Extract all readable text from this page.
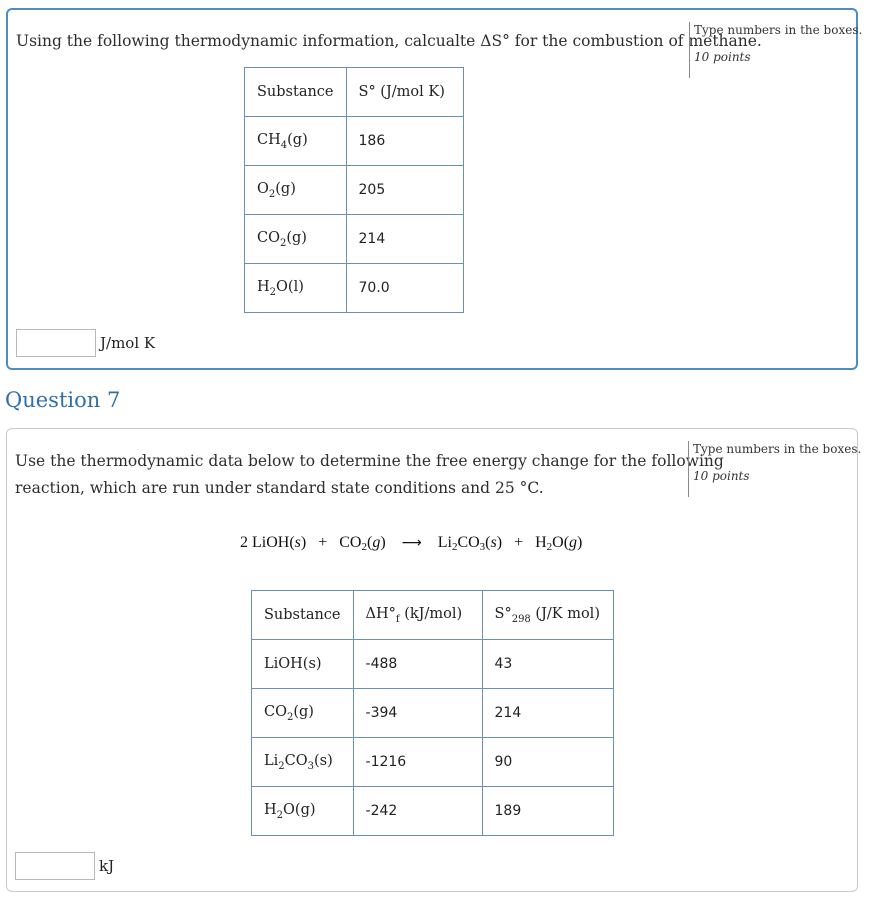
Using the following thermodynamic information, calcualte ΔS° for the combustion of methane.
Type numbers in the boxes.
10 points
Substance	S° (J/mol K)
$CH_4(g)$	186
$O_2(g)$	205
$CO_2(g)$	214
$H_2O(l)$	70.0
J/mol K
Question 7
Use the thermodynamic data below to determine the free energy change for the following
reaction, which are run under standard state conditions and 25 °C.
Type numbers in the boxes.
10 points
Substance	$\Delta H^\circ_f$ (kJ/mol)	$S^\circ_{298}$ (J/K mol)
LiOH(s)	-488	43
$CO_2(g)$	-394	214
$Li_2CO_3(s)$	-1216	90
$H_2O(g)$	-242	189
kJ
2 LiOH(s) + $CO_2(g)$ ⟶ $Li_2CO_3(s) + H_2O(g)$
